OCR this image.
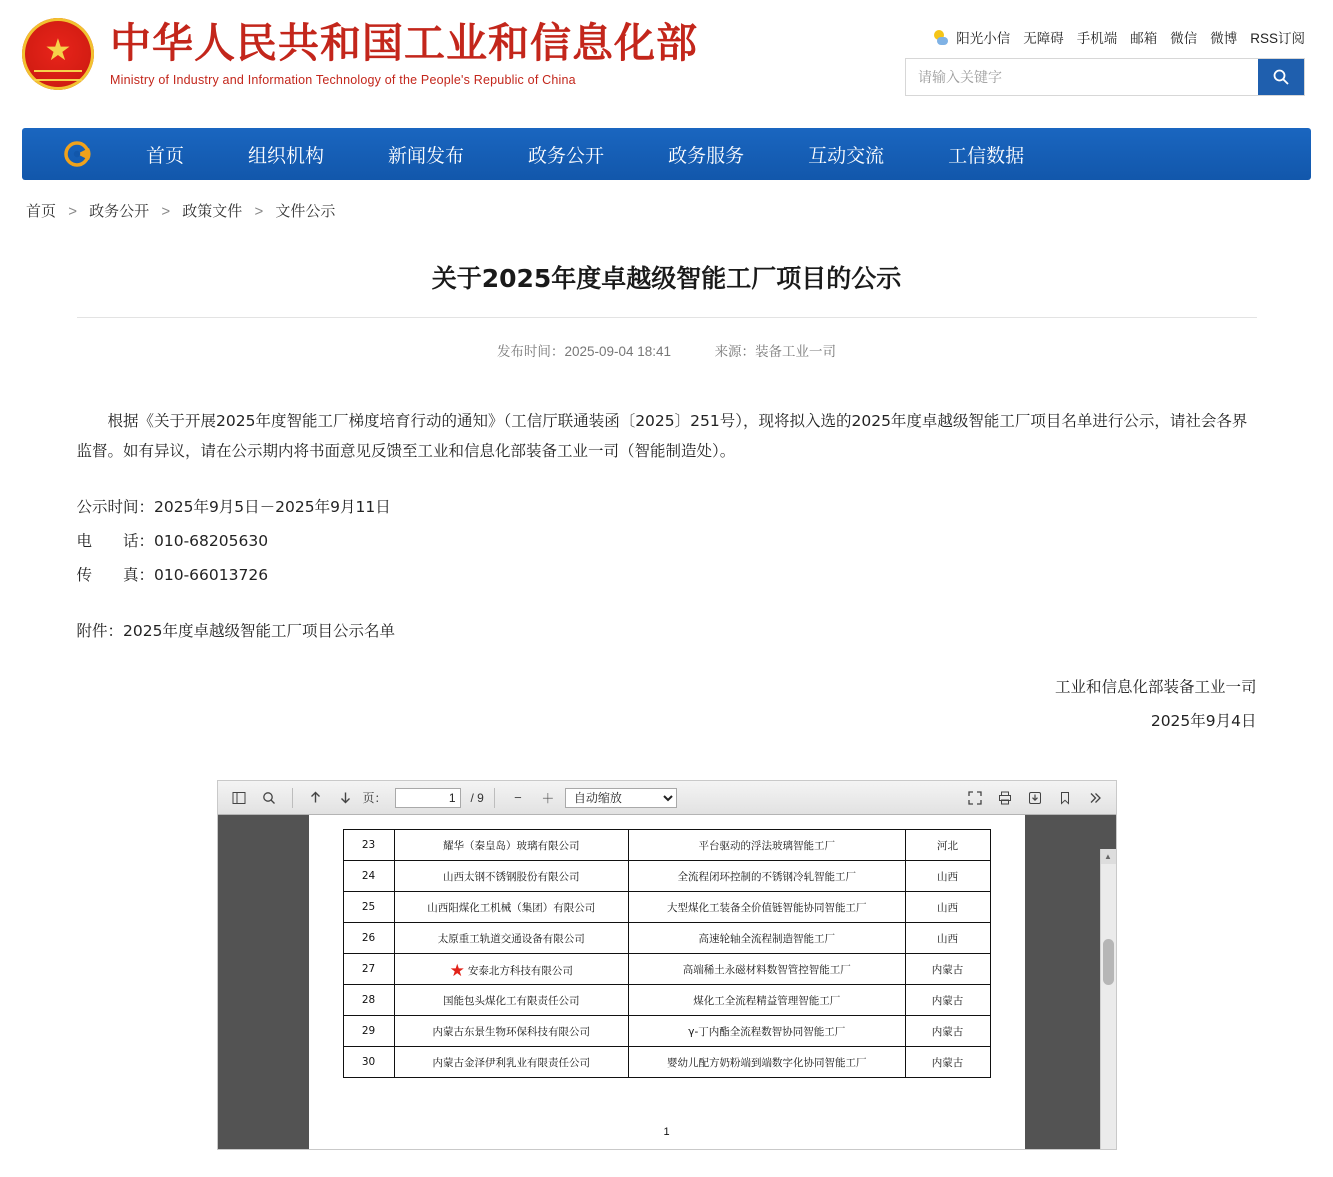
★
中华人民共和国工业和信息化部
Ministry of Industry and Information Technology of the People's Republic of China
阳光小信 无障碍 手机端 邮箱 微信 微博 RSS订阅
请输入关键字
首页	组织机构	新闻发布	政务公开	政务服务	互动交流	工信数据
首页 > 政务公开 > 政策文件 > 文件公示
关于2025年度卓越级智能工厂项目的公示
发布时间：2025-09-04 18:41	来源：装备工业一司

根据《关于开展2025年度智能工厂梯度培育行动的通知》（工信厅联通装函〔2025〕251号），现将拟入选的2025年度卓越级智能工厂项目名单进行公示，请社会各界监督。如有异议，请在公示期内将书面意见反馈至工业和信息化部装备工业一司（智能制造处）。

公示时间：2025年9月5日－2025年9月11日

电　　话：010-68205630

传　　真：010-66013726

附件：2025年度卓越级智能工厂项目公示名单

工业和信息化部装备工业一司

2025年9月4日

页：
1	/ 9	−	＋
自动缩放
23	耀华（秦皇岛）玻璃有限公司	平台驱动的浮法玻璃智能工厂	河北
24	山西太钢不锈钢股份有限公司	全流程闭环控制的不锈钢冷轧智能工厂	山西
25	山西阳煤化工机械（集团）有限公司	大型煤化工装备全价值链智能协同智能工厂	山西
26	太原重工轨道交通设备有限公司	高速轮轴全流程制造智能工厂	山西
27	★ 安泰北方科技有限公司	高端稀土永磁材料数智管控智能工厂	内蒙古
28	国能包头煤化工有限责任公司	煤化工全流程精益管理智能工厂	内蒙古
29	内蒙古东景生物环保科技有限公司	γ-丁内酯全流程数智协同智能工厂	内蒙古
30	内蒙古金泽伊利乳业有限责任公司	婴幼儿配方奶粉端到端数字化协同智能工厂	内蒙古
1
▲
